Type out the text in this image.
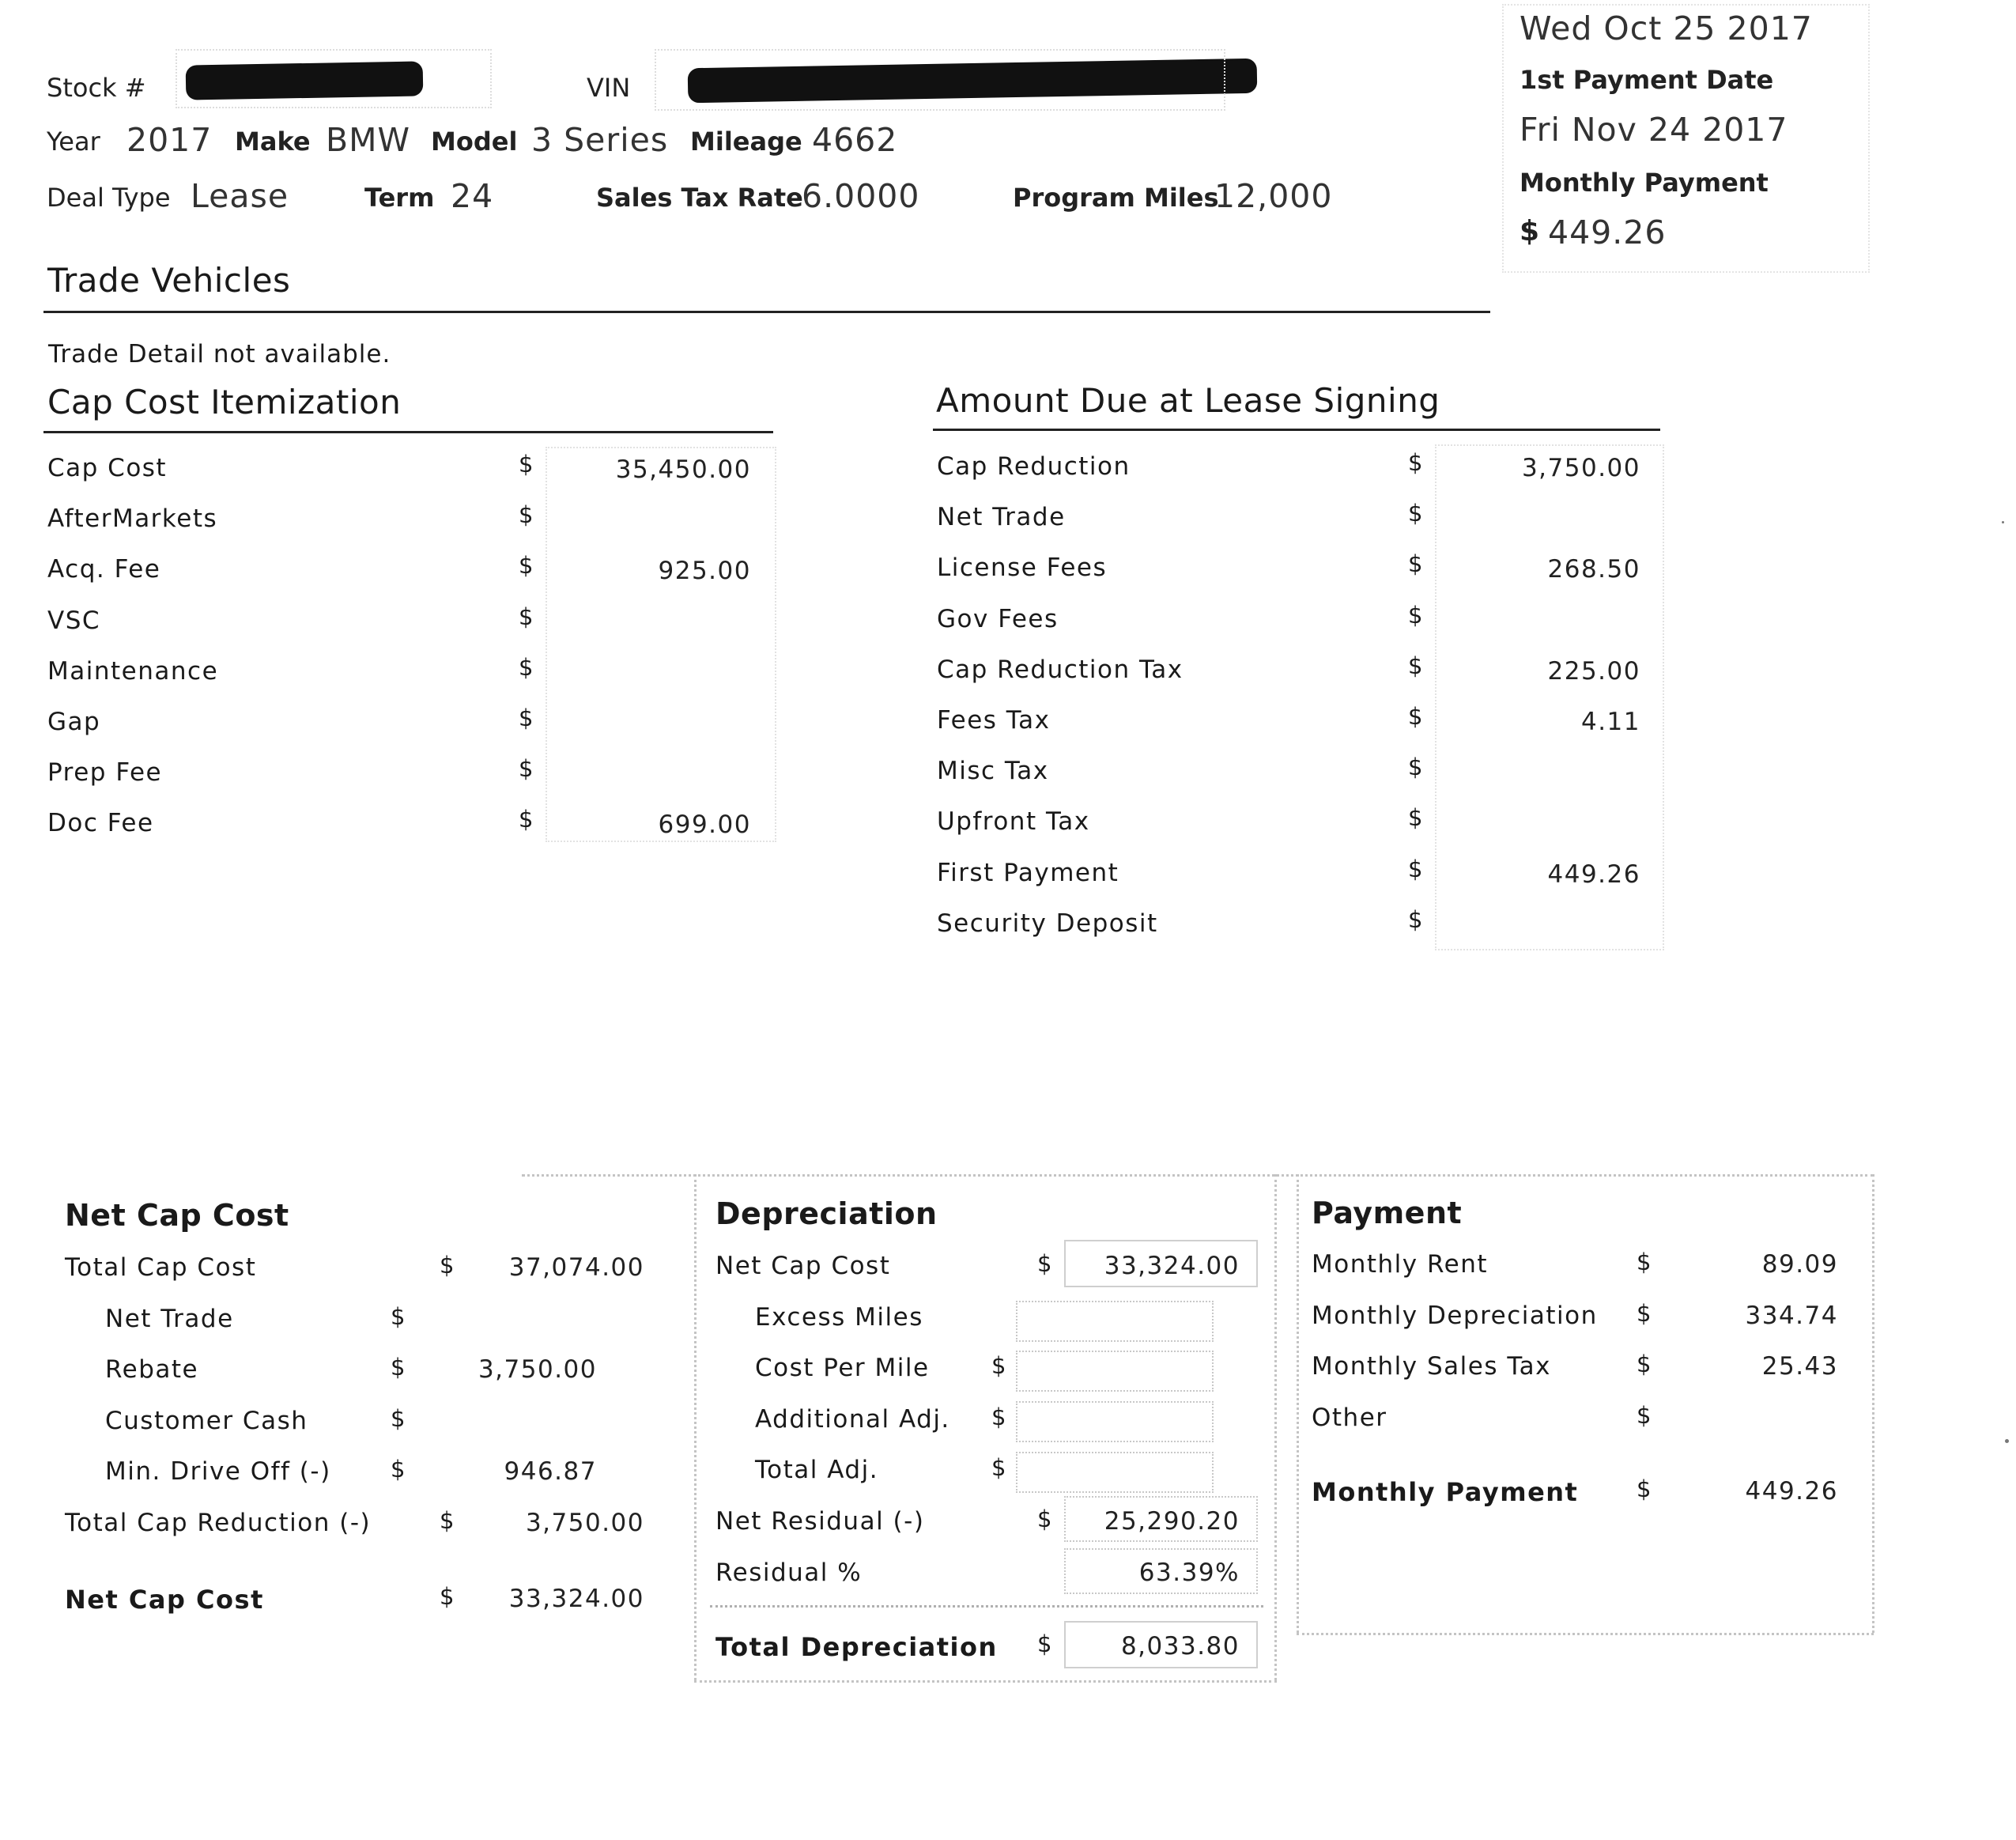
Stock #	VIN
Year 2017 Make BMW Model 3 Series Mileage 4662
Deal Type Lease	Term 24	Sales Tax Rate
6.0000	Program Miles
12,000
Wed Oct 25 2017
1st Payment Date
Fri Nov 24 2017
Monthly Payment
$ 449.26
Trade Vehicles
Trade Detail not available.
Cap Cost Itemization
Cap Cost	$	35,450.00
AfterMarkets	$
Acq. Fee	$	925.00
VSC	$
Maintenance	$
Gap	$
Prep Fee	$
Doc Fee	$	699.00
Amount Due at Lease Signing
Cap Reduction	$	3,750.00
Net Trade	$
License Fees	$	268.50
Gov Fees	$
Cap Reduction Tax	$	225.00
Fees Tax	$	4.11
Misc Tax	$
Upfront Tax	$
First Payment	$	449.26
Security Deposit	$
Net Cap Cost
Total Cap Cost	$	37,074.00
Net Trade	$
Rebate	$	3,750.00
Customer Cash	$
Min. Drive Off (-)	$	946.87
Total Cap Reduction (-)	$	3,750.00
Net Cap Cost	$	33,324.00
Depreciation
Net Cap Cost	$	33,324.00
Excess Miles
Cost Per Mile	$
Additional Adj. $
Total Adj.	$
Net Residual (-)	$	25,290.20
Residual %	63.39%
Total Depreciation $	8,033.80
Payment
Monthly Rent	$	89.09
Monthly Depreciation $	334.74
Monthly Sales Tax	$	25.43
Other	$
Monthly Payment	$	449.26
